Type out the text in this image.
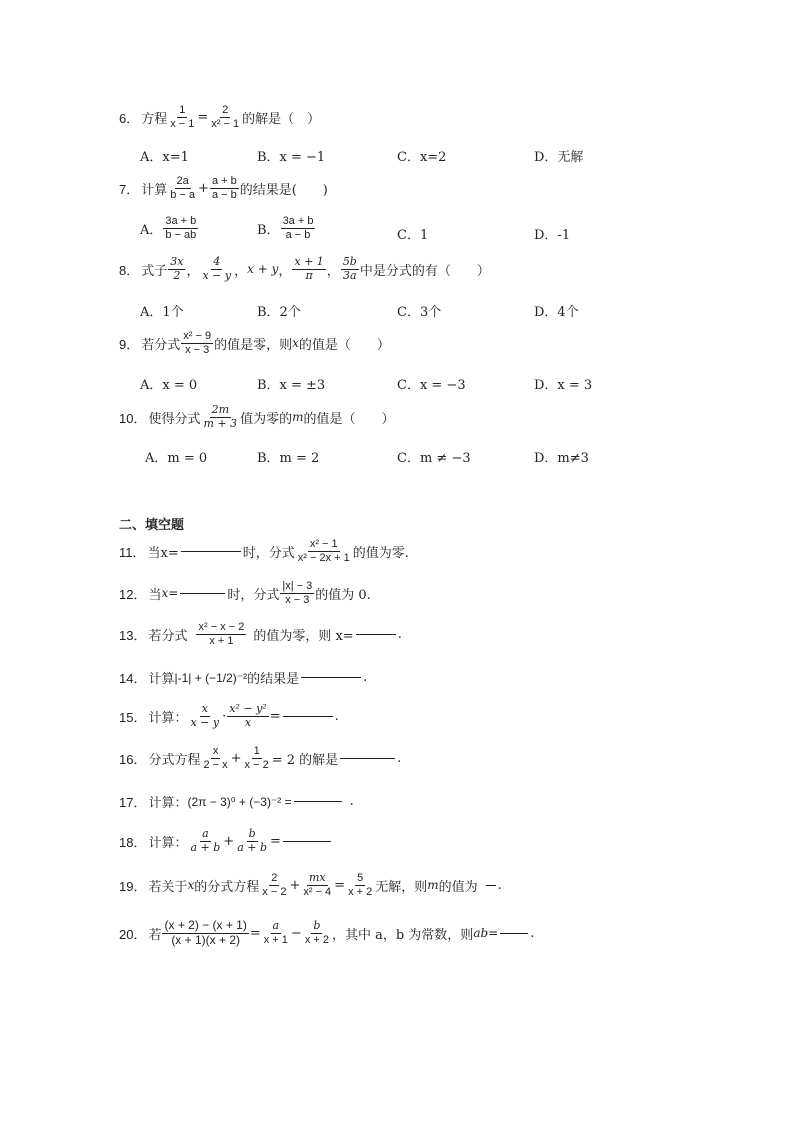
6． 方程 $\frac{1}{x - 1} = \frac{2}{\text{x² − 1}}$ 的解是（　）
A．x=1	B．x = −1	C．x=2	D．无解
7． 计算
2a
$b - a + \frac{a + b}{a - b}$ 的结果是(　　)
A．
3a + b
b − ab	B．
3a + b
a − b	C．1	D．-1
8． 式子
3x
2 ，
4
x − y ， x + y ，
x + 1
π ，
5b
3a 中是分式的有（　　）
A．1个	B．2个	C．3个	D．4个
9． 若分式
x² − 9
x − 3 的值是零，则 x 的值是（　　）
A．x = 0	B．x = ±3	C．x = −3	D．x = 3
10． 使得分式
2m
m + 3 值为零的 m 的值是（　　）
A．m = 0	B．m = 2	C．m ≠ −3	D．m≠3
二、填空题
11． 当x=	时，分式
x² − 1
x² − 2x + 1 的值为零.
12． 当 x =	时，分式
|x| − 3
x − 3 的值为 0.
13． 若分式
x² − x − 2
x + 1 的值为零，则 x=	.
14． 计算 |-1| + (−1/2)⁻² 的结果是	.
15． 计算：
x
$x - y \cdot \frac{\text{x² − y²}}{x}$ =	.
16． 分式方程
x
$2 - x + \frac{1}{x - 2} = 2$ 的解是	.
17． 计算： (2π − 3)⁰ + (−3)⁻² =	.
18． 计算：
a
$a + b + \frac{b}{a + b}$ =
19． 若关于 x 的分式方程
2
$x - 2 + \frac{mx}{\text{x² − 4}} = \frac{5}{x + 2}$ 无解，则 m 的值为 .
20． 若 $\frac{(x + 2) - (x + 1)}{(x + 1)(x + 2)} = \frac{a}{x + 1} - \frac{b}{x + 2}$ ，其中 a，b 为常数，则 ab = .
